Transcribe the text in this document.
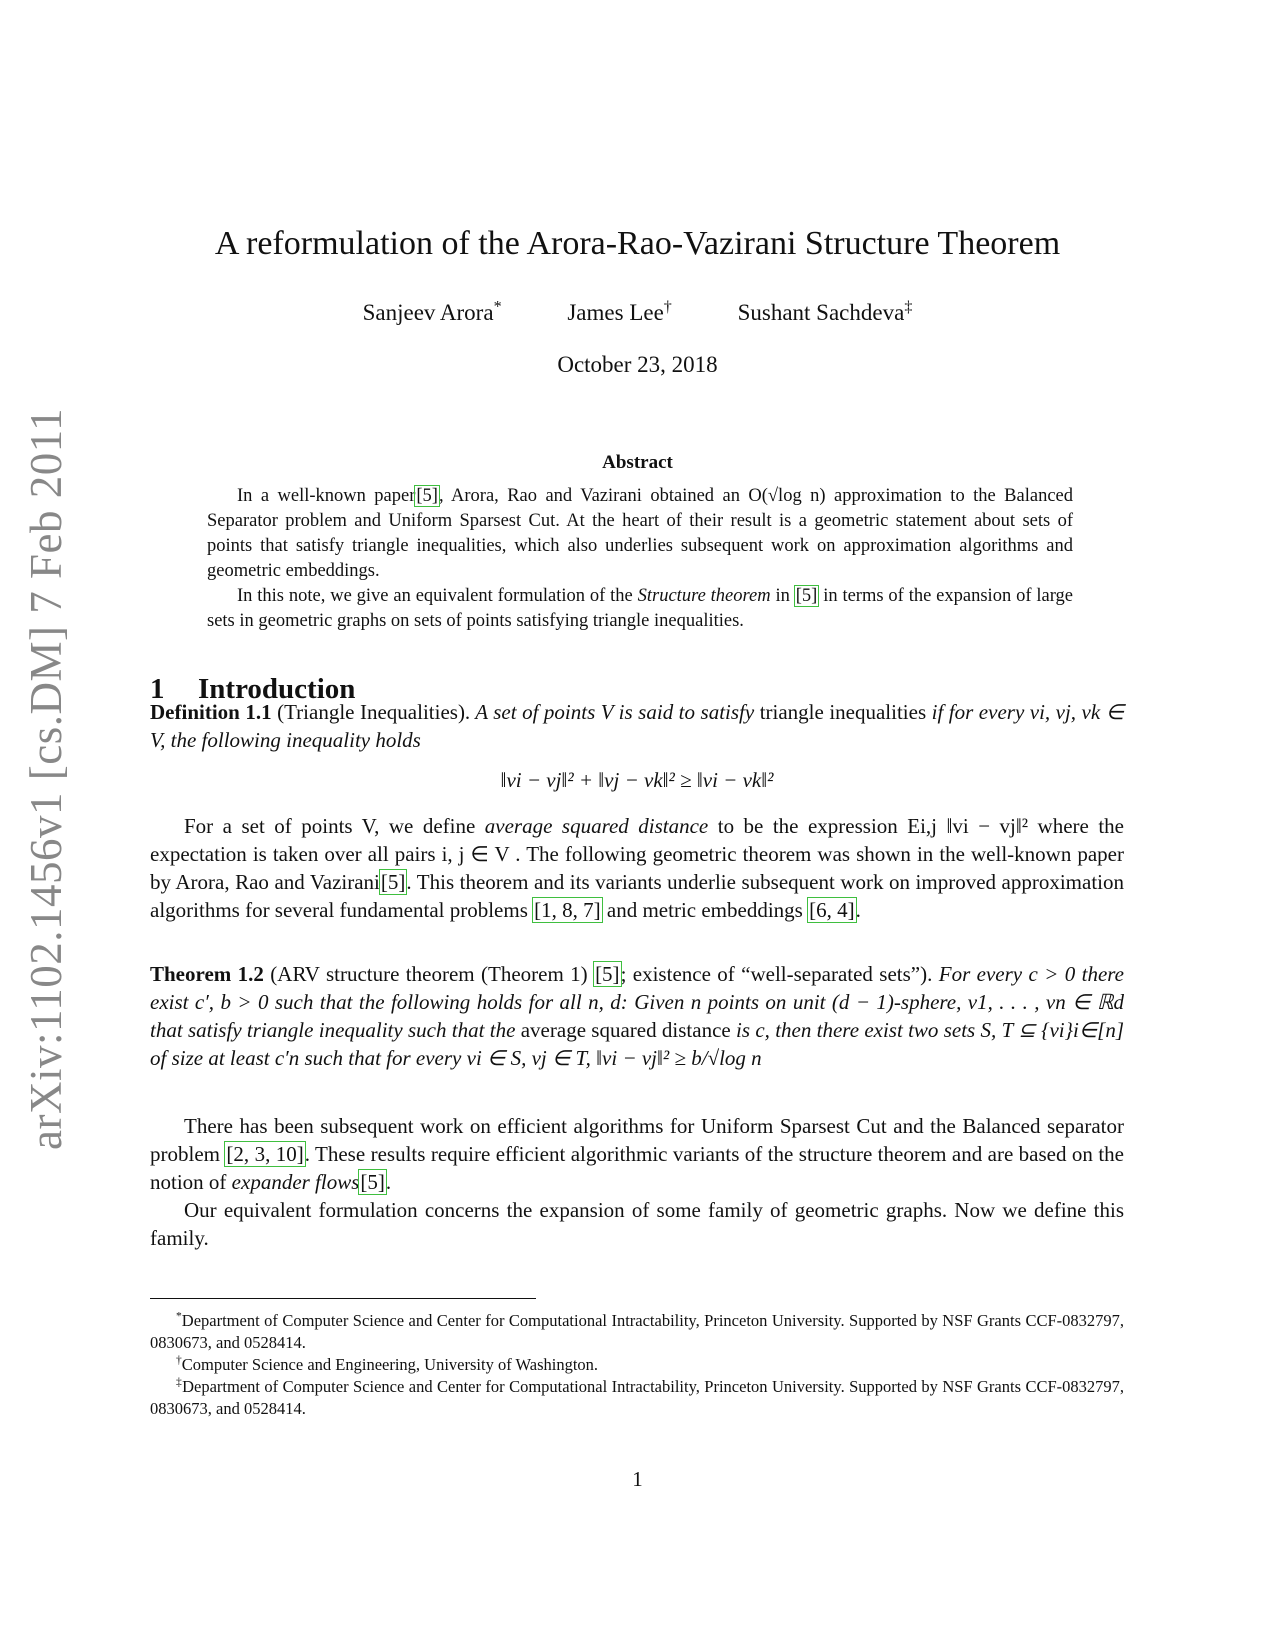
arXiv:1102.1456v1 [cs.DM] 7 Feb 2011
A reformulation of the Arora-Rao-Vazirani Structure Theorem
Sanjeev Arora*	James Lee†	Sushant Sachdeva‡
October 23, 2018
Abstract

In a well-known paper[5], Arora, Rao and Vazirani obtained an O(√log n) approximation to the Balanced Separator problem and Uniform Sparsest Cut. At the heart of their result is a geometric statement about sets of points that satisfy triangle inequalities, which also underlies subsequent work on approximation algorithms and geometric embeddings.

In this note, we give an equivalent formulation of the Structure theorem in [5] in terms of the expansion of large sets in geometric graphs on sets of points satisfying triangle inequalities.

1 Introduction

Definition 1.1 (Triangle Inequalities). A set of points V is said to satisfy triangle inequalities if for every vi, vj, vk ∈ V, the following inequality holds

‖vi − vj‖² + ‖vj − vk‖² ≥ ‖vi − vk‖²

For a set of points V, we define average squared distance to be the expression Ei,j ‖vi − vj‖² where the expectation is taken over all pairs i, j ∈ V . The following geometric theorem was shown in the well-known paper by Arora, Rao and Vazirani[5]. This theorem and its variants underlie subsequent work on improved approximation algorithms for several fundamental problems [1, 8, 7] and metric embeddings [6, 4].

Theorem 1.2 (ARV structure theorem (Theorem 1) [5]; existence of “well-separated sets”). For every c > 0 there exist c′, b > 0 such that the following holds for all n, d: Given n points on unit (d − 1)-sphere, v1, . . . , vn ∈ ℝd that satisfy triangle inequality such that the average squared distance is c, then there exist two sets S, T ⊆ {vi}i∈[n] of size at least c′n such that for every vi ∈ S, vj ∈ T, ‖vi − vj‖² ≥ b/√log n

There has been subsequent work on efficient algorithms for Uniform Sparsest Cut and the Balanced separator problem [2, 3, 10]. These results require efficient algorithmic variants of the structure theorem and are based on the notion of expander flows[5].

Our equivalent formulation concerns the expansion of some family of geometric graphs. Now we define this family.

*Department of Computer Science and Center for Computational Intractability, Princeton University. Supported by NSF Grants CCF-0832797, 0830673, and 0528414.

†Computer Science and Engineering, University of Washington.

‡Department of Computer Science and Center for Computational Intractability, Princeton University. Supported by NSF Grants CCF-0832797, 0830673, and 0528414.

1
